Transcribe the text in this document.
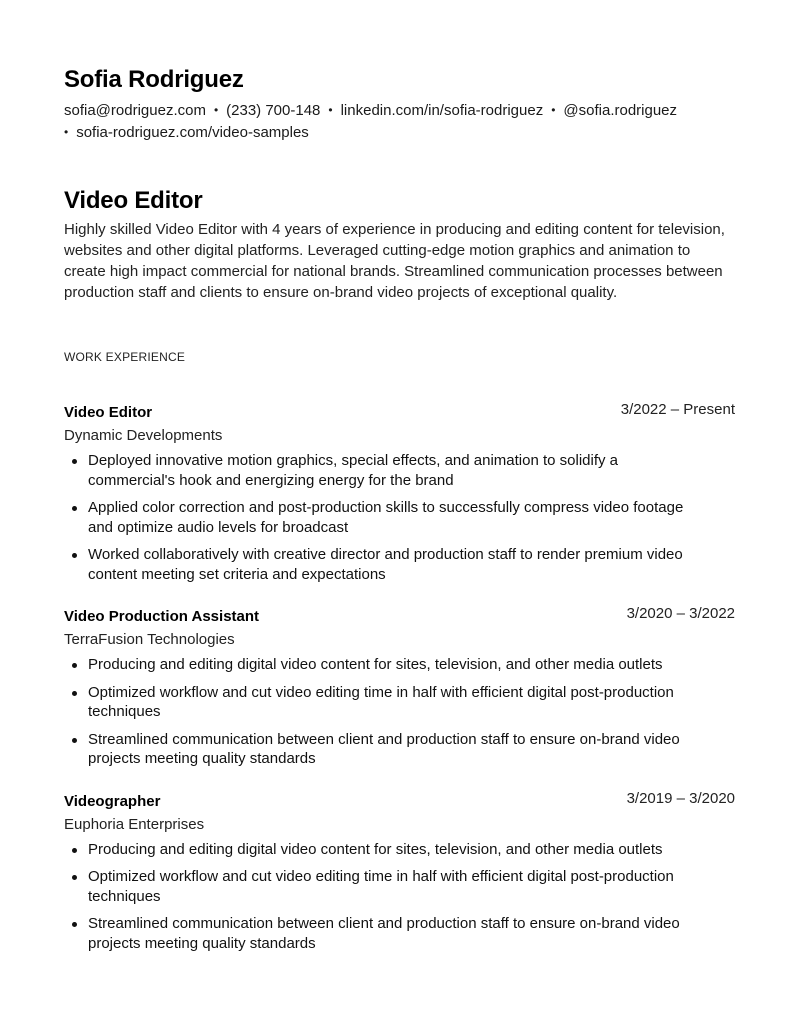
Sofia Rodriguez
sofia@rodriguez.com • (233) 700-148 • linkedin.com/in/sofia-rodriguez • @sofia.rodriguez
• sofia-rodriguez.com/video-samples
Video Editor
Highly skilled Video Editor with 4 years of experience in producing and editing content for television, websites and other digital platforms. Leveraged cutting-edge motion graphics and animation to create high impact commercial for national brands. Streamlined communication processes between production staff and clients to ensure on-brand video projects of exceptional quality.
WORK EXPERIENCE
Video Editor	3/2022 – Present
Dynamic Developments
Deployed innovative motion graphics, special effects, and animation to solidify a commercial's hook and energizing energy for the brand
Applied color correction and post-production skills to successfully compress video footage and optimize audio levels for broadcast
Worked collaboratively with creative director and production staff to render premium video content meeting set criteria and expectations
Video Production Assistant	3/2020 – 3/2022
TerraFusion Technologies
Producing and editing digital video content for sites, television, and other media outlets
Optimized workflow and cut video editing time in half with efficient digital post-production techniques
Streamlined communication between client and production staff to ensure on-brand video projects meeting quality standards
Videographer	3/2019 – 3/2020
Euphoria Enterprises
Producing and editing digital video content for sites, television, and other media outlets
Optimized workflow and cut video editing time in half with efficient digital post-production techniques
Streamlined communication between client and production staff to ensure on-brand video projects meeting quality standards
